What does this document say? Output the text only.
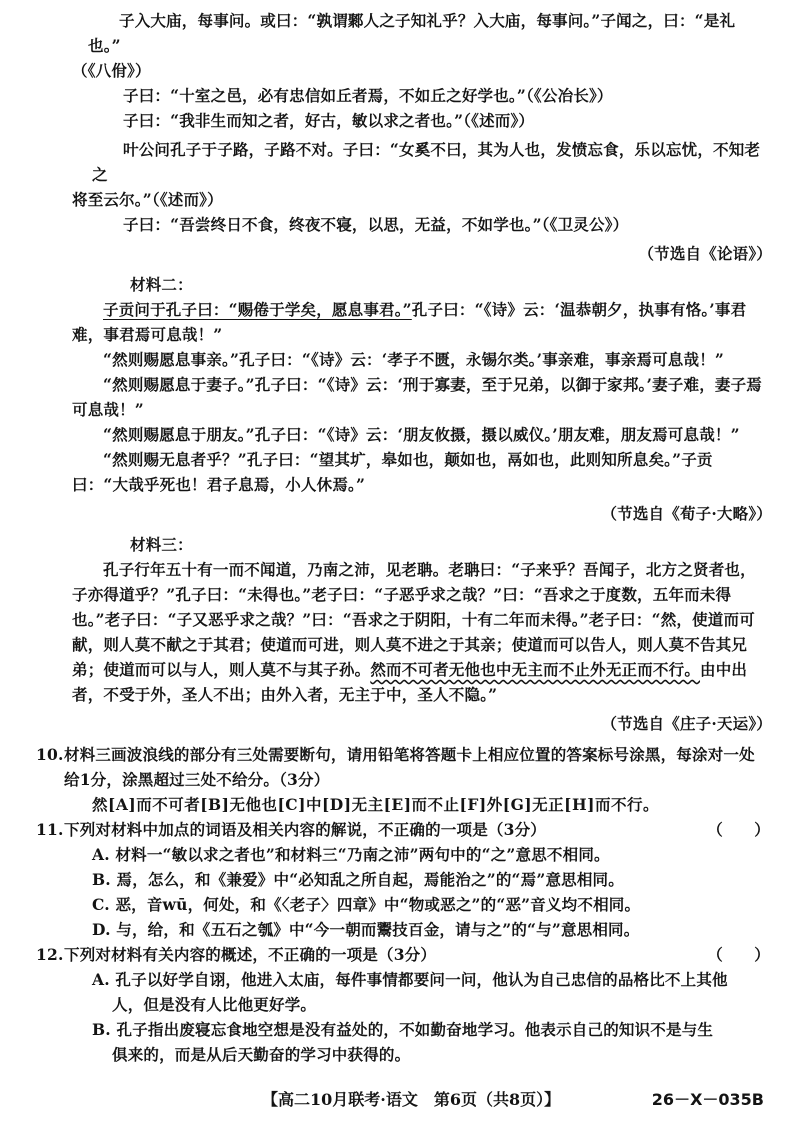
子入大庙，每事问。或曰：“孰谓鄹人之子知礼乎？入大庙，每事问。”子闻之，曰：“是礼也。”

（《八佾》）

子曰：“十室之邑，必有忠信如丘者焉，不如丘之好学也。”（《公冶长》）

子曰：“我非生而知之者，好古，敏以求之者也。”（《述而》）

叶公问孔子于子路，子路不对。子曰：“女奚不曰，其为人也，发愤忘食，乐以忘忧，不知老之

将至云尔。”（《述而》）

子曰：“吾尝终日不食，终夜不寝，以思，无益，不如学也。”（《卫灵公》）

（节选自《论语》）

材料二：

子贡问于孔子曰：“赐倦于学矣，愿息事君。”孔子曰：“《诗》云：‘温恭朝夕，执事有恪。’事君难，事君焉可息哉！”

“然则赐愿息事亲。”孔子曰：“《诗》云：‘孝子不匮，永锡尔类。’事亲难，事亲焉可息哉！”

“然则赐愿息于妻子。”孔子曰：“《诗》云：‘刑于寡妻，至于兄弟，以御于家邦。’妻子难，妻子焉可息哉！”

“然则赐愿息于朋友。”孔子曰：“《诗》云：‘朋友攸摄，摄以威仪。’朋友难，朋友焉可息哉！”

“然则赐无息者乎？”孔子曰：“望其圹，皋如也，颠如也，鬲如也，此则知所息矣。”子贡曰：“大哉乎死也！君子息焉，小人休焉。”

（节选自《荀子·大略》）

材料三：

孔子行年五十有一而不闻道，乃南之沛，见老聃。老聃曰：“子来乎？吾闻子，北方之贤者也，子亦得道乎？”孔子曰：“未得也。”老子曰：“子恶乎求之哉？”曰：“吾求之于度数，五年而未得也。”老子曰：“子又恶乎求之哉？”曰：“吾求之于阴阳，十有二年而未得。”老子曰：“然，使道而可献，则人莫不献之于其君；使道而可进，则人莫不进之于其亲；使道而可以告人，则人莫不告其兄弟；使道而可以与人，则人莫不与其子孙。然而不可者无他也中无主而不止外无正而不行。由中出者，不受于外，圣人不出；由外入者，无主于中，圣人不隐。”

（节选自《庄子·天运》）

10. 材料三画波浪线的部分有三处需要断句，请用铅笔将答题卡上相应位置的答案标号涂黑，每涂对一处给1分，涂黑超过三处不给分。（3分）

然[A]而不可者[B]无他也[C]中[D]无主[E]而不止[F]外[G]无正[H]而不行。

11. 下列对材料中加点的词语及相关内容的解说，不正确的一项是（3分）	（　　）

A. 材料一“敏以求之者也”和材料三“乃南之沛”两句中的“之”意思不相同。

B. 焉，怎么，和《兼爱》中“必知乱之所自起，焉能治之”的“焉”意思相同。

C. 恶，音wū，何处，和《〈老子〉四章》中“物或恶之”的“恶”音义均不相同。

D. 与，给，和《五石之瓠》中“今一朝而鬻技百金，请与之”的“与”意思相同。

12. 下列对材料有关内容的概述，不正确的一项是（3分）	（　　）

A. 孔子以好学自诩，他进入太庙，每件事情都要问一问，他认为自己忠信的品格比不上其他
人，但是没有人比他更好学。

B. 孔子指出废寝忘食地空想是没有益处的，不如勤奋地学习。他表示自己的知识不是与生
俱来的，而是从后天勤奋的学习中获得的。

【高二10月联考·语文　第6页（共8页）】	26－X－035B
